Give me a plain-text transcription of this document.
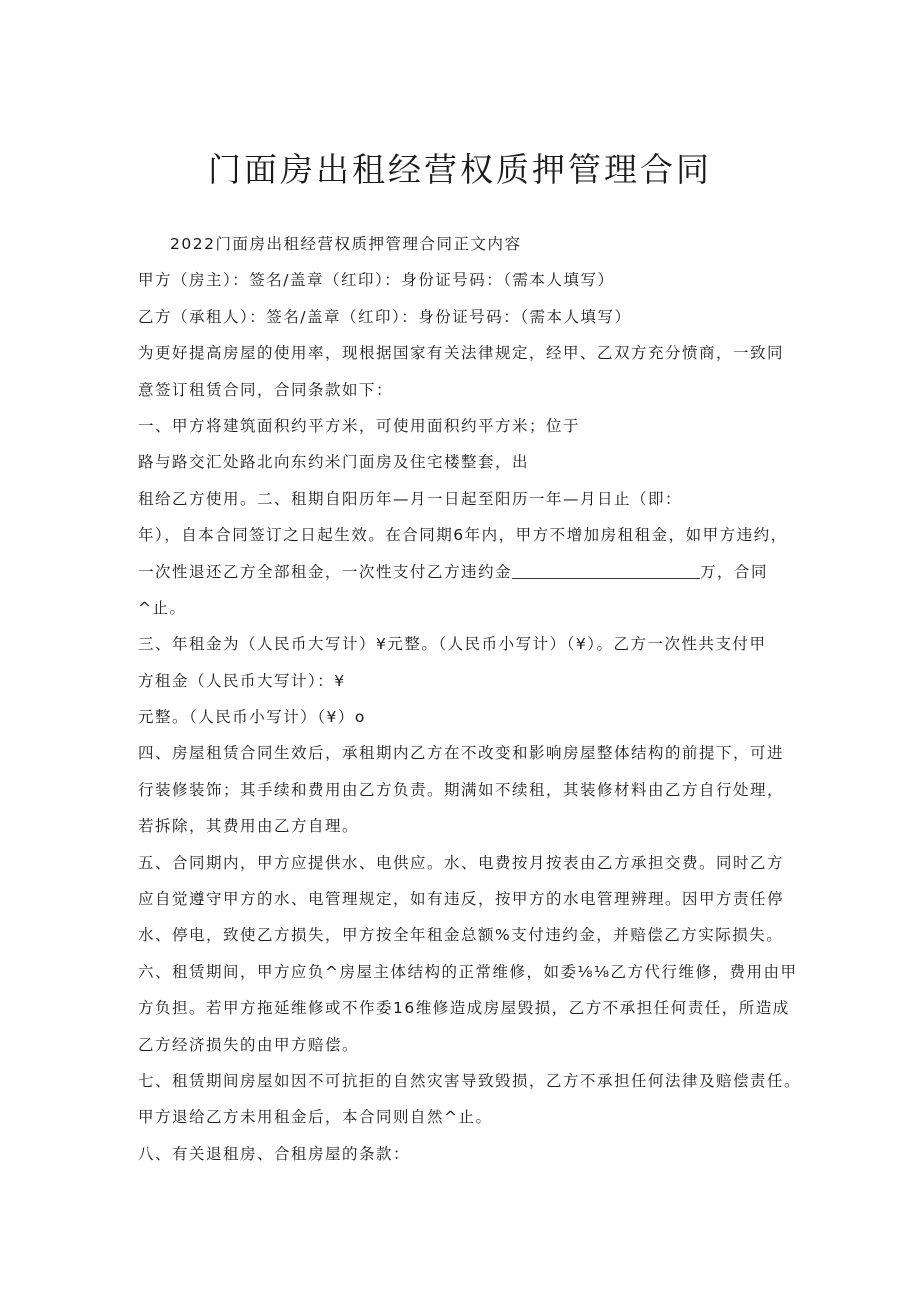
门面房出租经营权质押管理合同
2022门面房出租经营权质押管理合同正文内容
甲方（房主）：签名/盖章（红印）：身份证号码：（需本人填写）
乙方（承租人）：签名/盖章（红印）：身份证号码：（需本人填写）
为更好提高房屋的使用率，现根据国家有关法律规定，经甲、乙双方充分愤商，一致同
意签订租赁合同，合同条款如下：
一、甲方将建筑面积约平方米，可使用面积约平方米；位于
路与路交汇处路北向东约米门面房及住宅楼整套，出
租给乙方使用。二、租期自阳历年—月一日起至阳历一年—月日止（即：
年），自本合同签订之日起生效。在合同期6年内，甲方不增加房租租金，如甲方违约，
一次性退还乙方全部租金，一次性支付乙方违约金	万，合同
^止。
三、年租金为（人民币大写计）¥元整。（人民币小写计）（¥）。乙方一次性共支付甲
方租金（人民币大写计）：¥
元整。（人民币小写计）（¥）o
四、房屋租赁合同生效后，承租期内乙方在不改变和影响房屋整体结构的前提下，可进
行装修装饰；其手续和费用由乙方负责。期满如不续租，其装修材料由乙方自行处理，
若拆除，其费用由乙方自理。
五、合同期内，甲方应提供水、电供应。水、电费按月按表由乙方承担交费。同时乙方
应自觉遵守甲方的水、电管理规定，如有违反，按甲方的水电管理辨理。因甲方责任停
水、停电，致使乙方损失，甲方按全年租金总额%支付违约金，并赔偿乙方实际损失。
六、租赁期间，甲方应负^房屋主体结构的正常维修，如委⅛⅛乙方代行维修，费用由甲
方负担。若甲方拖延维修或不作委16维修造成房屋毁损，乙方不承担任何责任，所造成
乙方经济损失的由甲方赔偿。
七、租赁期间房屋如因不可抗拒的自然灾害导致毁损，乙方不承担任何法律及赔偿责任。
甲方退给乙方未用租金后，本合同则自然^止。
八、有关退租房、合租房屋的条款：
